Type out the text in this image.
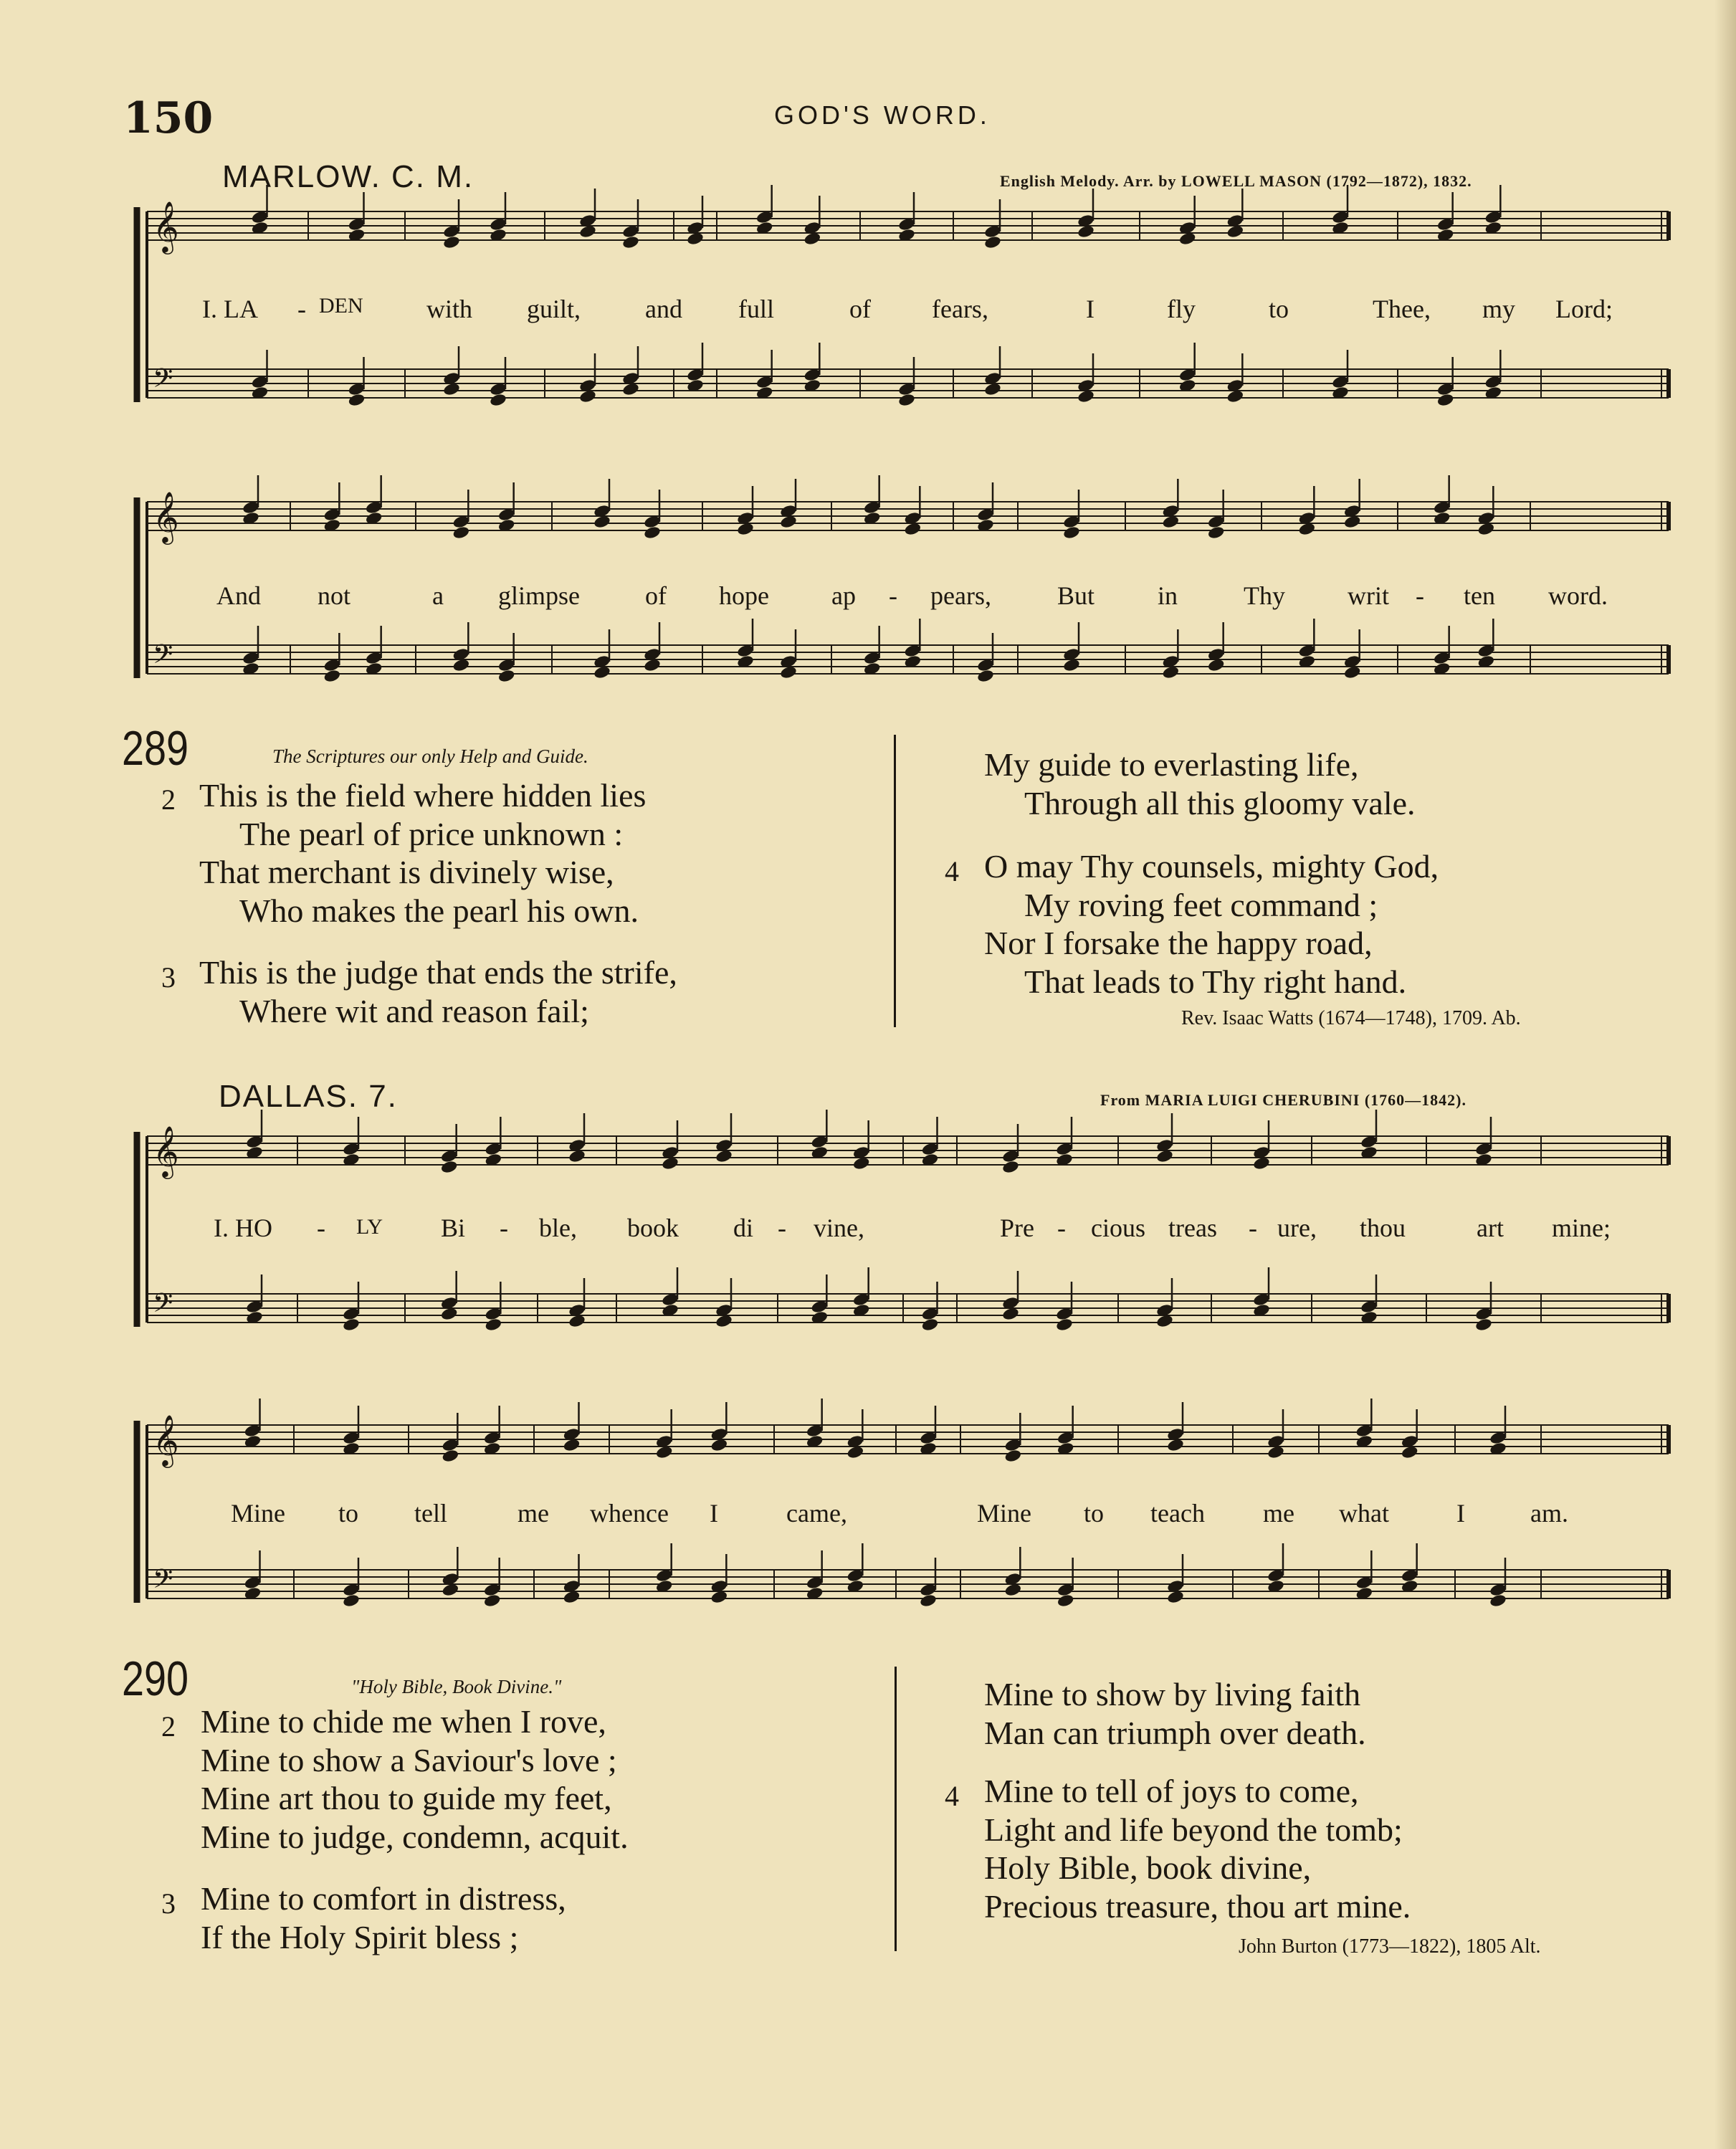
150	GOD'S WORD.
MARLOW. C. M.	English Melody. Arr. by LOWELL MASON (1792—1872), 1832.
𝄞
𝄢
𝄞
𝄢
𝄞
𝄢
𝄞
𝄢
I. LA - DEN with guilt, and full	of fears,	I	fly	to	Thee, my Lord;
And not	a glimpse	of hope ap - pears,	But in	Thy writ - ten word.
289	The Scriptures our only Help and Guide.
2 This is the field where hidden lies
The pearl of price unknown :
That merchant is divinely wise,
Who makes the pearl his own.
3 This is the judge that ends the strife,
Where wit and reason fail;
My guide to everlasting life,
Through all this gloomy vale.
4 O may Thy counsels, mighty God,
My roving feet command ;
Nor I forsake the happy road,
That leads to Thy right hand.
Rev. Isaac Watts (1674—1748), 1709. Ab.
DALLAS. 7.	From MARIA LUIGI CHERUBINI (1760—1842).
I. HO - LY Bi - ble, book di - vine,	Pre - cious treas - ure, thou	art mine;
Mine to tell	me whence I	came,	Mine to teach me what	I	am.
290	"Holy Bible, Book Divine."
2 Mine to chide me when I rove,
Mine to show a Saviour's love ;
Mine art thou to guide my feet,
Mine to judge, condemn, acquit.
3 Mine to comfort in distress,
If the Holy Spirit bless ;
Mine to show by living faith
Man can triumph over death.
4 Mine to tell of joys to come,
Light and life beyond the tomb;
Holy Bible, book divine,
Precious treasure, thou art mine.
John Burton (1773—1822), 1805 Alt.
